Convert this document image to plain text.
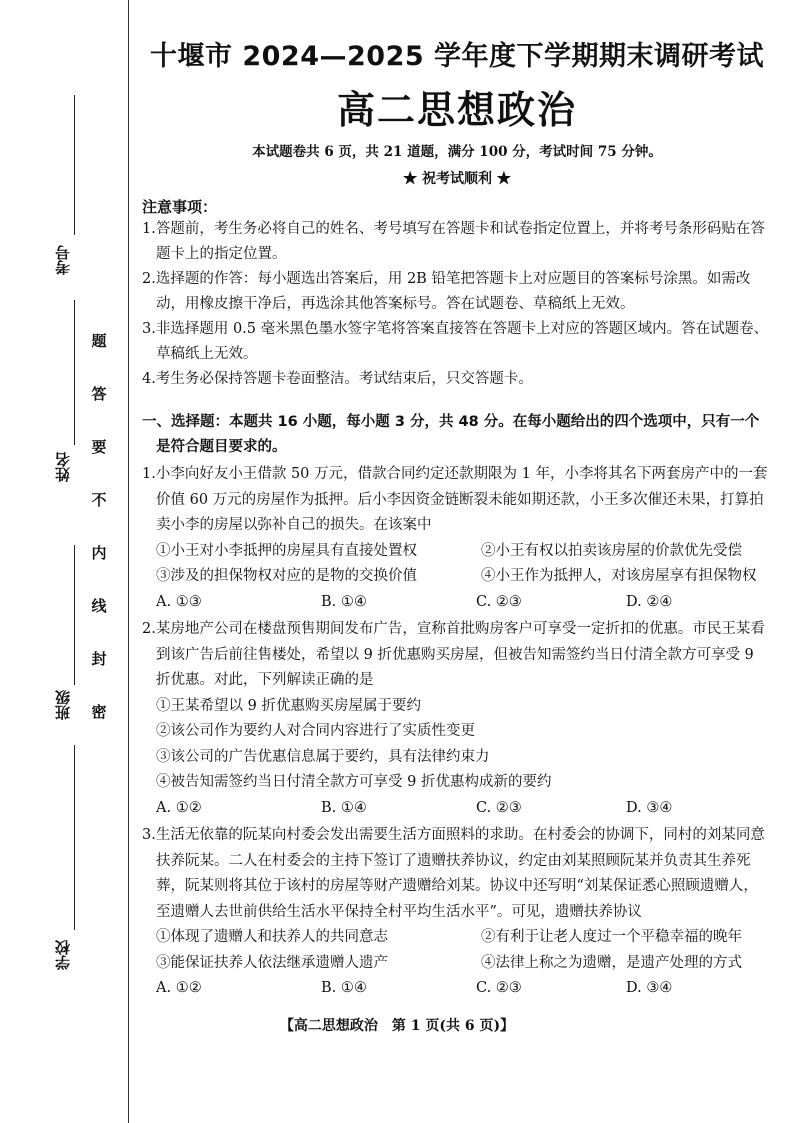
考号
姓名
班级
学校
题
答
要
不
内
线
封
密
十堰市 2024—2025 学年度下学期期末调研考试
高二思想政治
本试题卷共 6 页，共 21 道题，满分 100 分，考试时间 75 分钟。
★ 祝考试顺利 ★
注意事项：
1.答题前，考生务必将自己的姓名、考号填写在答题卡和试卷指定位置上，并将考号条形码贴在答题卡上的指定位置。
2.选择题的作答：每小题选出答案后，用 2B 铅笔把答题卡上对应题目的答案标号涂黑。如需改动，用橡皮擦干净后，再选涂其他答案标号。答在试题卷、草稿纸上无效。
3.非选择题用 0.5 毫米黑色墨水签字笔将答案直接答在答题卡上对应的答题区域内。答在试题卷、草稿纸上无效。
4.考生务必保持答题卡卷面整洁。考试结束后，只交答题卡。
一、选择题：本题共 16 小题，每小题 3 分，共 48 分。在每小题给出的四个选项中，只有一个是符合题目要求的。
1.小李向好友小王借款 50 万元，借款合同约定还款期限为 1 年，小李将其名下两套房产中的一套价值 60 万元的房屋作为抵押。后小李因资金链断裂未能如期还款，小王多次催还未果，打算拍卖小李的房屋以弥补自己的损失。在该案中
①小王对小李抵押的房屋具有直接处置权	②小王有权以拍卖该房屋的价款优先受偿
③涉及的担保物权对应的是物的交换价值	④小王作为抵押人，对该房屋享有担保物权
A. ①③	B. ①④	C. ②③	D. ②④
2.某房地产公司在楼盘预售期间发布广告，宣称首批购房客户可享受一定折扣的优惠。市民王某看到该广告后前往售楼处，希望以 9 折优惠购买房屋，但被告知需签约当日付清全款方可享受 9 折优惠。对此，下列解读正确的是
①王某希望以 9 折优惠购买房屋属于要约
②该公司作为要约人对合同内容进行了实质性变更
③该公司的广告优惠信息属于要约，具有法律约束力
④被告知需签约当日付清全款方可享受 9 折优惠构成新的要约
A. ①②	B. ①④	C. ②③	D. ③④
3.生活无依靠的阮某向村委会发出需要生活方面照料的求助。在村委会的协调下，同村的刘某同意扶养阮某。二人在村委会的主持下签订了遗赠扶养协议，约定由刘某照顾阮某并负责其生养死葬，阮某则将其位于该村的房屋等财产遗赠给刘某。协议中还写明“刘某保证悉心照顾遗赠人，至遗赠人去世前供给生活水平保持全村平均生活水平”。可见，遗赠扶养协议
①体现了遗赠人和扶养人的共同意志	②有利于让老人度过一个平稳幸福的晚年
③能保证扶养人依法继承遗赠人遗产	④法律上称之为遗赠，是遗产处理的方式
A. ①②	B. ①④	C. ②③	D. ③④
【高二思想政治　第 1 页(共 6 页)】
